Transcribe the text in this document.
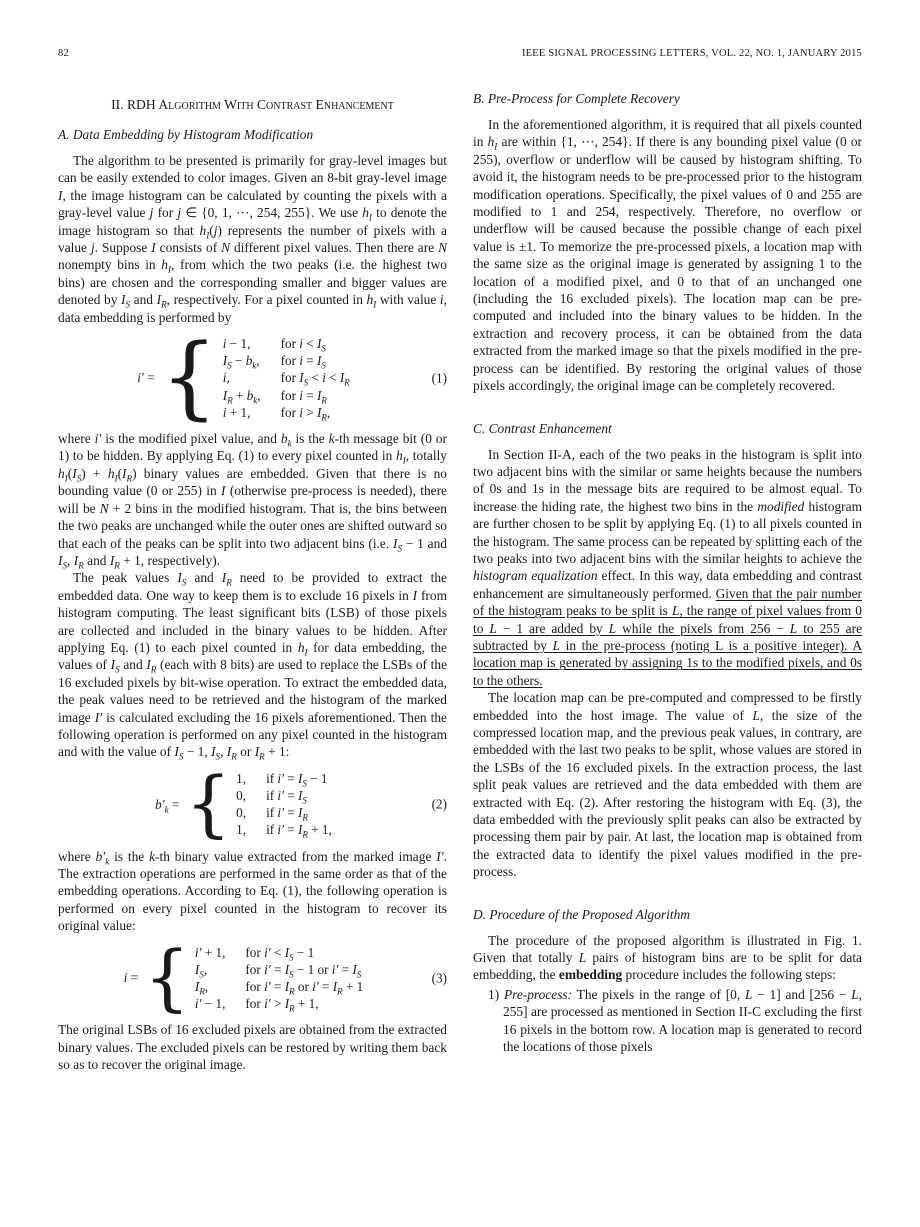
82	IEEE SIGNAL PROCESSING LETTERS, VOL. 22, NO. 1, JANUARY 2015
II. RDH Algorithm With Contrast Enhancement
A. Data Embedding by Histogram Modification

The algorithm to be presented is primarily for gray-level images but can be easily extended to color images. Given an 8-bit gray-level image I, the image histogram can be calculated by counting the pixels with a gray-level value j for j ∈ {0, 1, ⋯, 254, 255}. We use $h_I$ to denote the image histogram so that $h_I(j)$ represents the number of pixels with a value j. Suppose I consists of N different pixel values. Then there are N nonempty bins in $h_I$, from which the two peaks (i.e. the highest two bins) are chosen and the corresponding smaller and bigger values are denoted by $I_S$ and $I_R$, respectively. For a pixel counted in $h_I$ with value i, data embedding is performed by

i′ = { i − 1,	for $i < I_S$
$I_S - b_k$, for $i = I_S$
i,	for $I_S < i < I_R$
$I_R + b_k$, for $i = I_R$
i + 1,	for $i > I_R$,
(1)

where i′ is the modified pixel value, and $b_k$ is the k-th message bit (0 or 1) to be hidden. By applying Eq. (1) to every pixel counted in $h_I$, totally $h_I(I_S) + h_I(I_R)$ binary values are embedded. Given that there is no bounding value (0 or 255) in I (otherwise pre-process is needed), there will be N + 2 bins in the modified histogram. That is, the bins between the two peaks are unchanged while the outer ones are shifted outward so that each of the peaks can be split into two adjacent bins (i.e. $I_S - 1$ and $I_S$, $I_R$ and $I_R + 1$, respectively).

The peak values $I_S$ and $I_R$ need to be provided to extract the embedded data. One way to keep them is to exclude 16 pixels in I from histogram computing. The least significant bits (LSB) of those pixels are collected and included in the binary values to be hidden. After applying Eq. (1) to each pixel counted in $h_I$ for data embedding, the values of $I_S$ and $I_R$ (each with 8 bits) are used to replace the LSBs of the 16 excluded pixels by bit-wise operation. To extract the embedded data, the peak values need to be retrieved and the histogram of the marked image I′ is calculated excluding the 16 pixels aforementioned. Then the following operation is performed on any pixel counted in the histogram and with the value of $I_S - 1$, $I_S$, $I_R$ or $I_R + 1$:

$b'_k$ = { 1, if $i' = I_S - 1$
0, if $i' = I_S$
0, if $i' = I_R$
1, if $i' = I_R + 1$,
(2)

where $b'_k$ is the k-th binary value extracted from the marked image I′. The extraction operations are performed in the same order as that of the embedding operations. According to Eq. (1), the following operation is performed on every pixel counted in the histogram to recover its original value:

i = { i′ + 1, for $i' < I_S - 1$
$I_S$,	for $i' = I_S - 1$ or $i' = I_S$
$I_R$,	for $i' = I_R$ or $i' = I_R + 1$
i′ − 1, for $i' > I_R + 1$,
(3)

The original LSBs of 16 excluded pixels are obtained from the extracted binary values. The excluded pixels can be restored by writing them back so as to recover the original image.

B. Pre-Process for Complete Recovery

In the aforementioned algorithm, it is required that all pixels counted in $h_I$ are within {1, ⋯, 254}. If there is any bounding pixel value (0 or 255), overflow or underflow will be caused by histogram shifting. To avoid it, the histogram needs to be pre-processed prior to the histogram modification operations. Specifically, the pixel values of 0 and 255 are modified to 1 and 254, respectively. Therefore, no overflow or underflow will be caused because the possible change of each pixel value is ±1. To memorize the pre-processed pixels, a location map with the same size as the original image is generated by assigning 1 to the location of a modified pixel, and 0 to that of an unchanged one (including the 16 excluded pixels). The location map can be pre-computed and included into the binary values to be hidden. In the extraction and recovery process, it can be obtained from the data extracted from the marked image so that the pixels modified in the pre-process can be identified. By restoring the original values of those pixels accordingly, the original image can be completely recovered.

C. Contrast Enhancement

In Section II-A, each of the two peaks in the histogram is split into two adjacent bins with the similar or same heights because the numbers of 0s and 1s in the message bits are required to be almost equal. To increase the hiding rate, the highest two bins in the modified histogram are further chosen to be split by applying Eq. (1) to all pixels counted in the histogram. The same process can be repeated by splitting each of the two peaks into two adjacent bins with the similar heights to achieve the histogram equalization effect. In this way, data embedding and contrast enhancement are simultaneously performed. Given that the pair number of the histogram peaks to be split is L, the range of pixel values from 0 to L − 1 are added by L while the pixels from 256 − L to 255 are subtracted by L in the pre-process (noting L is a positive integer). A location map is generated by assigning 1s to the modified pixels, and 0s to the others.

The location map can be pre-computed and compressed to be firstly embedded into the host image. The value of L, the size of the compressed location map, and the previous peak values, in contrary, are embedded with the last two peaks to be split, whose values are stored in the LSBs of the 16 excluded pixels. In the extraction process, the last split peak values are retrieved and the data embedded with them are extracted with Eq. (2). After restoring the histogram with Eq. (3), the data embedded with the previously split peaks can also be extracted by processing them pair by pair. At last, the location map is obtained from the extracted data to identify the pixel values modified in the pre-process.

D. Procedure of the Proposed Algorithm

The procedure of the proposed algorithm is illustrated in Fig. 1. Given that totally L pairs of histogram bins are to be split for data embedding, the embedding procedure includes the following steps:

1) Pre-process: The pixels in the range of [0, L − 1] and [256 − L, 255] are processed as mentioned in Section II-C excluding the first 16 pixels in the bottom row. A location map is generated to record the locations of those pixels
